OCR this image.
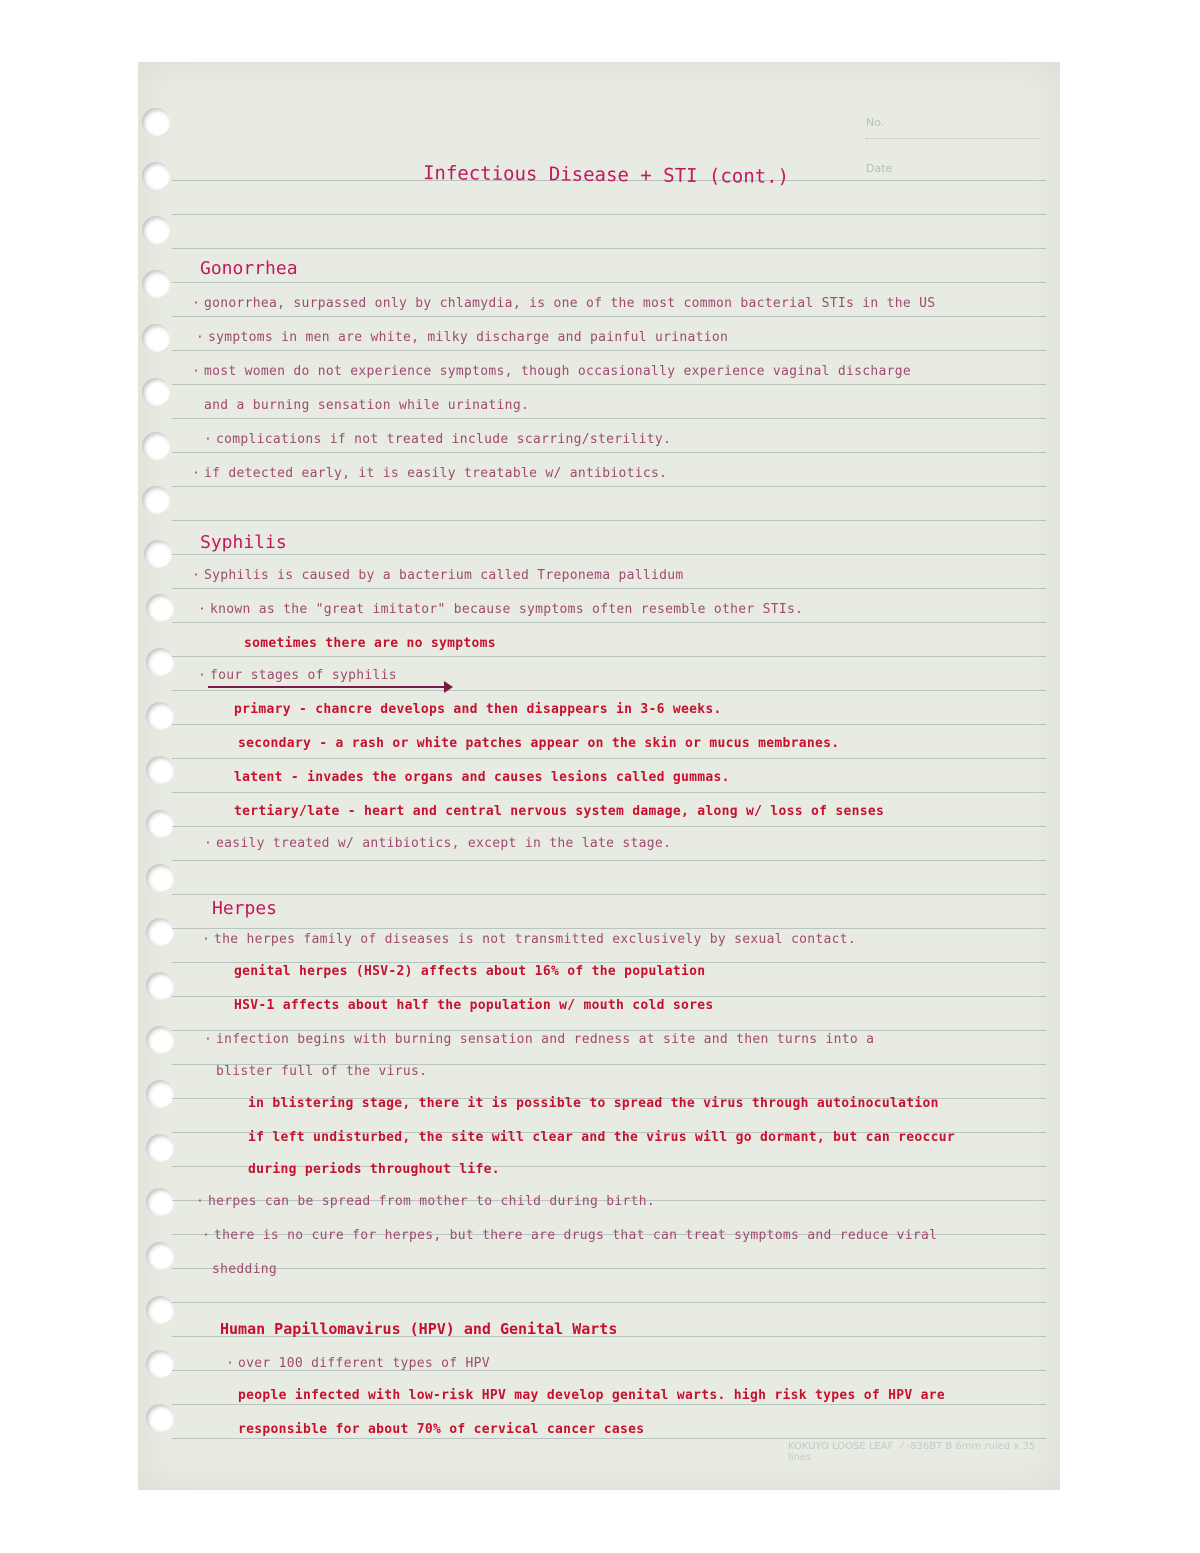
No.
Date
Infectious Disease + STI (cont.)
Gonorrhea
· gonorrhea, surpassed only by chlamydia, is one of the most common bacterial STIs in the US
· symptoms in men are white, milky discharge and painful urination
· most women do not experience symptoms, though occasionally experience vaginal discharge
and a burning sensation while urinating.
· complications if not treated include scarring/sterility.
· if detected early, it is easily treatable w/ antibiotics.
Syphilis
· Syphilis is caused by a bacterium called Treponema pallidum
· known as the "great imitator" because symptoms often resemble other STIs.
sometimes there are no symptoms
· four stages of syphilis
primary - chancre develops and then disappears in 3-6 weeks.
secondary - a rash or white patches appear on the skin or mucus membranes.
latent - invades the organs and causes lesions called gummas.
tertiary/late - heart and central nervous system damage, along w/ loss of senses
· easily treated w/ antibiotics, except in the late stage.
Herpes
· the herpes family of diseases is not transmitted exclusively by sexual contact.
genital herpes (HSV-2) affects about 16% of the population
HSV-1 affects about half the population w/ mouth cold sores
· infection begins with burning sensation and redness at site and then turns into a
blister full of the virus.
in blistering stage, there it is possible to spread the virus through autoinoculation
if left undisturbed, the site will clear and the virus will go dormant, but can reoccur
during periods throughout life.
· herpes can be spread from mother to child during birth.
· there is no cure for herpes, but there are drugs that can treat symptoms and reduce viral
shedding
Human Papillomavirus (HPV) and Genital Warts
· over 100 different types of HPV
people infected with low-risk HPV may develop genital warts. high risk types of HPV are
responsible for about 70% of cervical cancer cases
KOKUYO LOOSE LEAF ノ-836BT B 6mm ruled x 35 lines
